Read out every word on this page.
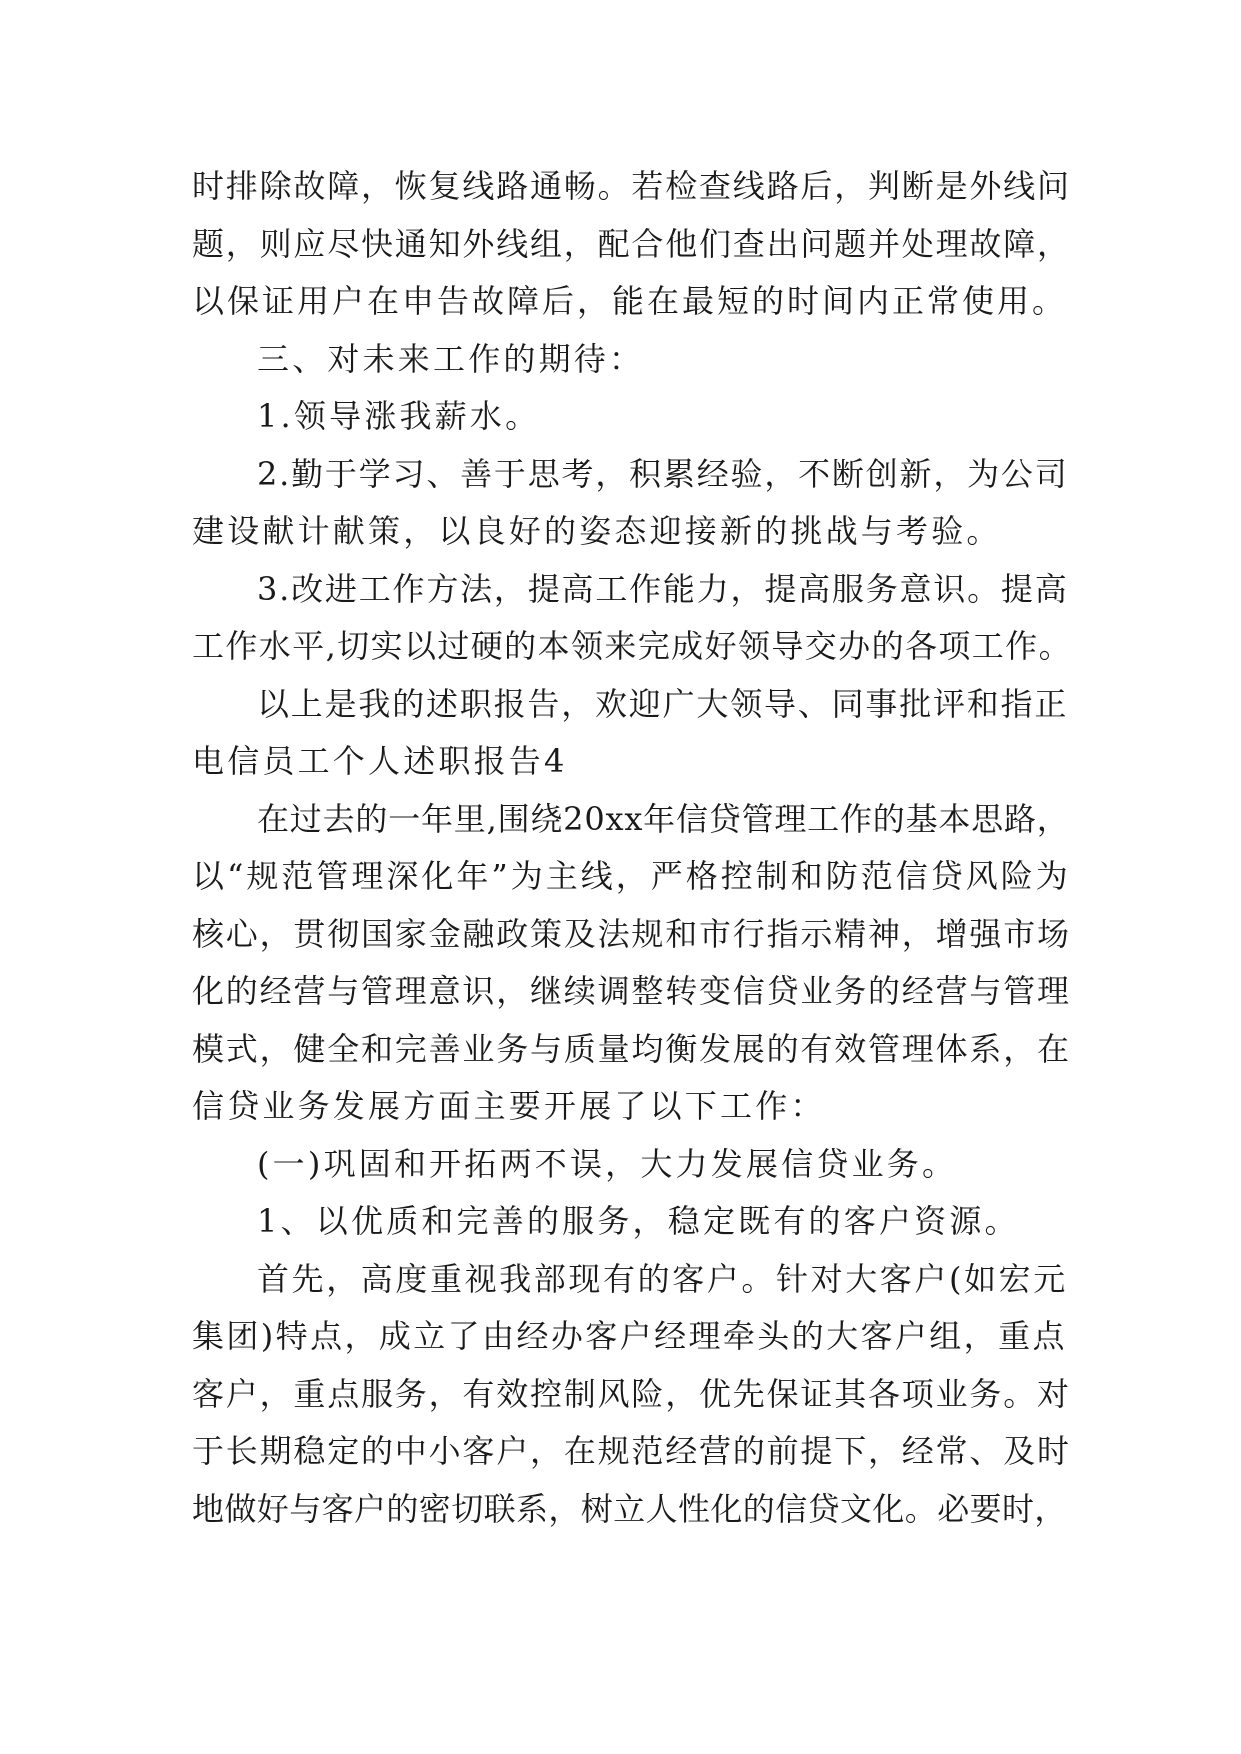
时排除故障，恢复线路通畅。若检查线路后，判断是外线问
题，则应尽快通知外线组，配合他们查出问题并处理故障，
以保证用户在申告故障后，能在最短的时间内正常使用。
三、对未来工作的期待：
1.领导涨我薪水。
2.勤于学习、善于思考，积累经验，不断创新，为公司
建设献计献策，以良好的姿态迎接新的挑战与考验。
3.改进工作方法，提高工作能力，提高服务意识。提高
工作水平,切实以过硬的本领来完成好领导交办的各项工作。
以上是我的述职报告，欢迎广大领导、同事批评和指正
电信员工个人述职报告4
在过去的一年里,围绕20xx年信贷管理工作的基本思路，
以“规范管理深化年”为主线，严格控制和防范信贷风险为
核心，贯彻国家金融政策及法规和市行指示精神，增强市场
化的经营与管理意识，继续调整转变信贷业务的经营与管理
模式，健全和完善业务与质量均衡发展的有效管理体系，在
信贷业务发展方面主要开展了以下工作：
(一)巩固和开拓两不误，大力发展信贷业务。
1、以优质和完善的服务，稳定既有的客户资源。
首先，高度重视我部现有的客户。针对大客户(如宏元
集团)特点，成立了由经办客户经理牵头的大客户组，重点
客户，重点服务，有效控制风险，优先保证其各项业务。对
于长期稳定的中小客户，在规范经营的前提下，经常、及时
地做好与客户的密切联系，树立人性化的信贷文化。必要时，
